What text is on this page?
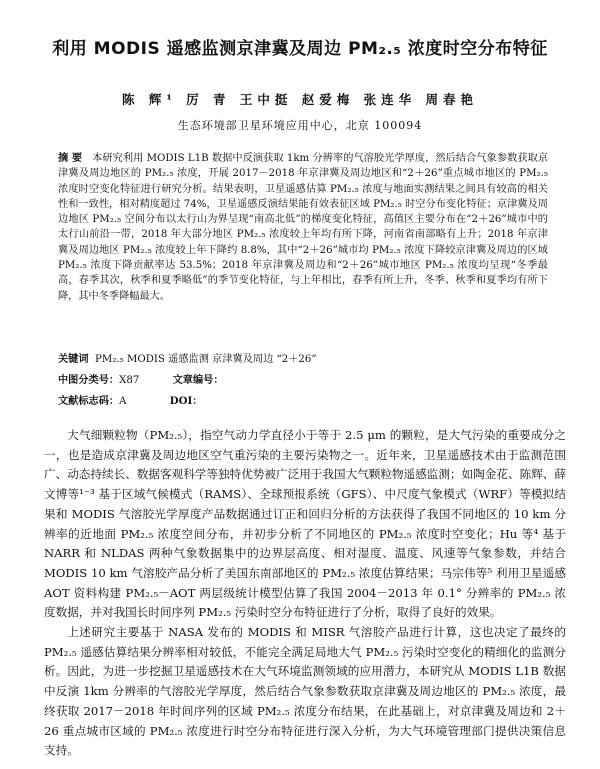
利用 MODIS 遥感监测京津冀及周边 PM₂.₅ 浓度时空分布特征
陈 辉¹ 厉 青 王中挺 赵爱梅 张连华 周春艳
生态环境部卫星环境应用中心，北京 100094
摘 要 本研究利用 MODIS L1B 数据中反演获取 1km 分辨率的气溶胶光学厚度，然后结合气象参数获取京津冀及周边地区的 PM₂.₅ 浓度，开展 2017－2018 年京津冀及周边地区和“2＋26”重点城市地区的 PM₂.₅ 浓度时空变化特征进行研究分析。结果表明，卫星遥感估算 PM₂.₅ 浓度与地面实测结果之间具有较高的相关性和一致性，相对精度超过 74%，卫星遥感反演结果能有效表征区域 PM₂.₅ 时空分布变化特征；京津冀及周边地区 PM₂.₅ 空间分布以太行山为界呈现“南高北低”的梯度变化特征，高值区主要分布在“2＋26”城市中的太行山前沿一带，2018 年大部分地区 PM₂.₅ 浓度较上年均有所下降，河南省南部略有上升；2018 年京津冀及周边地区 PM₂.₅ 浓度较上年下降约 8.8%，其中“2＋26”城市均 PM₂.₅ 浓度下降较京津冀及周边的区域 PM₂.₅ 浓度下降贡献率达 53.5%；2018 年京津冀及周边和“2＋26”城市地区 PM₂.₅ 浓度均呈现“冬季最高，春季其次，秋季和夏季略低”的季节变化特征，与上年相比，春季有所上升，冬季、秋季和夏季均有所下降，其中冬季降幅最大。
关键词 PM₂.₅ MODIS 遥感监测 京津冀及周边 “2＋26”
中图分类号：X87	文章编号：
文献标志码：A	DOI：

大气细颗粒物（PM₂.₅），指空气动力学直径小于等于 2.5 μm 的颗粒，是大气污染的重要成分之一，也是造成京津冀及周边地区空气重污染的主要污染物之一。近年来，卫星遥感技术由于监测范围广、动态持续长、数据客观科学等独特优势被广泛用于我国大气颗粒物遥感监测；如陶金花、陈辉、薛文博等¹⁻³ 基于区域气候模式（RAMS）、全球预报系统（GFS）、中尺度气象模式（WRF）等模拟结果和 MODIS 气溶胶光学厚度产品数据通过订正和回归分析的方法获得了我国不同地区的 10 km 分辨率的近地面 PM₂.₅ 浓度空间分布，并初步分析了不同地区的 PM₂.₅ 浓度时空变化；Hu 等⁴ 基于 NARR 和 NLDAS 两种气象数据集中的边界层高度、相对湿度、温度、风速等气象参数，并结合 MODIS 10 km 气溶胶产品分析了美国东南部地区的 PM₂.₅ 浓度估算结果；马宗伟等⁵ 利用卫星遥感 AOT 资料构建 PM₂.₅－AOT 两层级统计模型估算了我国 2004－2013 年 0.1° 分辨率的 PM₂.₅ 浓度数据，并对我国长时间序列 PM₂.₅ 污染时空分布特征进行了分析，取得了良好的效果。

上述研究主要基于 NASA 发布的 MODIS 和 MISR 气溶胶产品进行计算，这也决定了最终的 PM₂.₅ 遥感估算结果分辨率相对较低，不能完全满足局地大气 PM₂.₅ 污染时空变化的精细化的监测分析。因此，为进一步挖掘卫星遥感技术在大气环境监测领域的应用潜力，本研究从 MODIS L1B 数据中反演 1km 分辨率的气溶胶光学厚度，然后结合气象参数获取京津冀及周边地区的 PM₂.₅ 浓度，最终获取 2017－2018 年时间序列的区域 PM₂.₅ 浓度分布结果，在此基础上，对京津冀及周边和 2＋26 重点城市区域的 PM₂.₅ 浓度进行时空分布特征进行深入分析，为大气环境管理部门提供决策信息支持。
